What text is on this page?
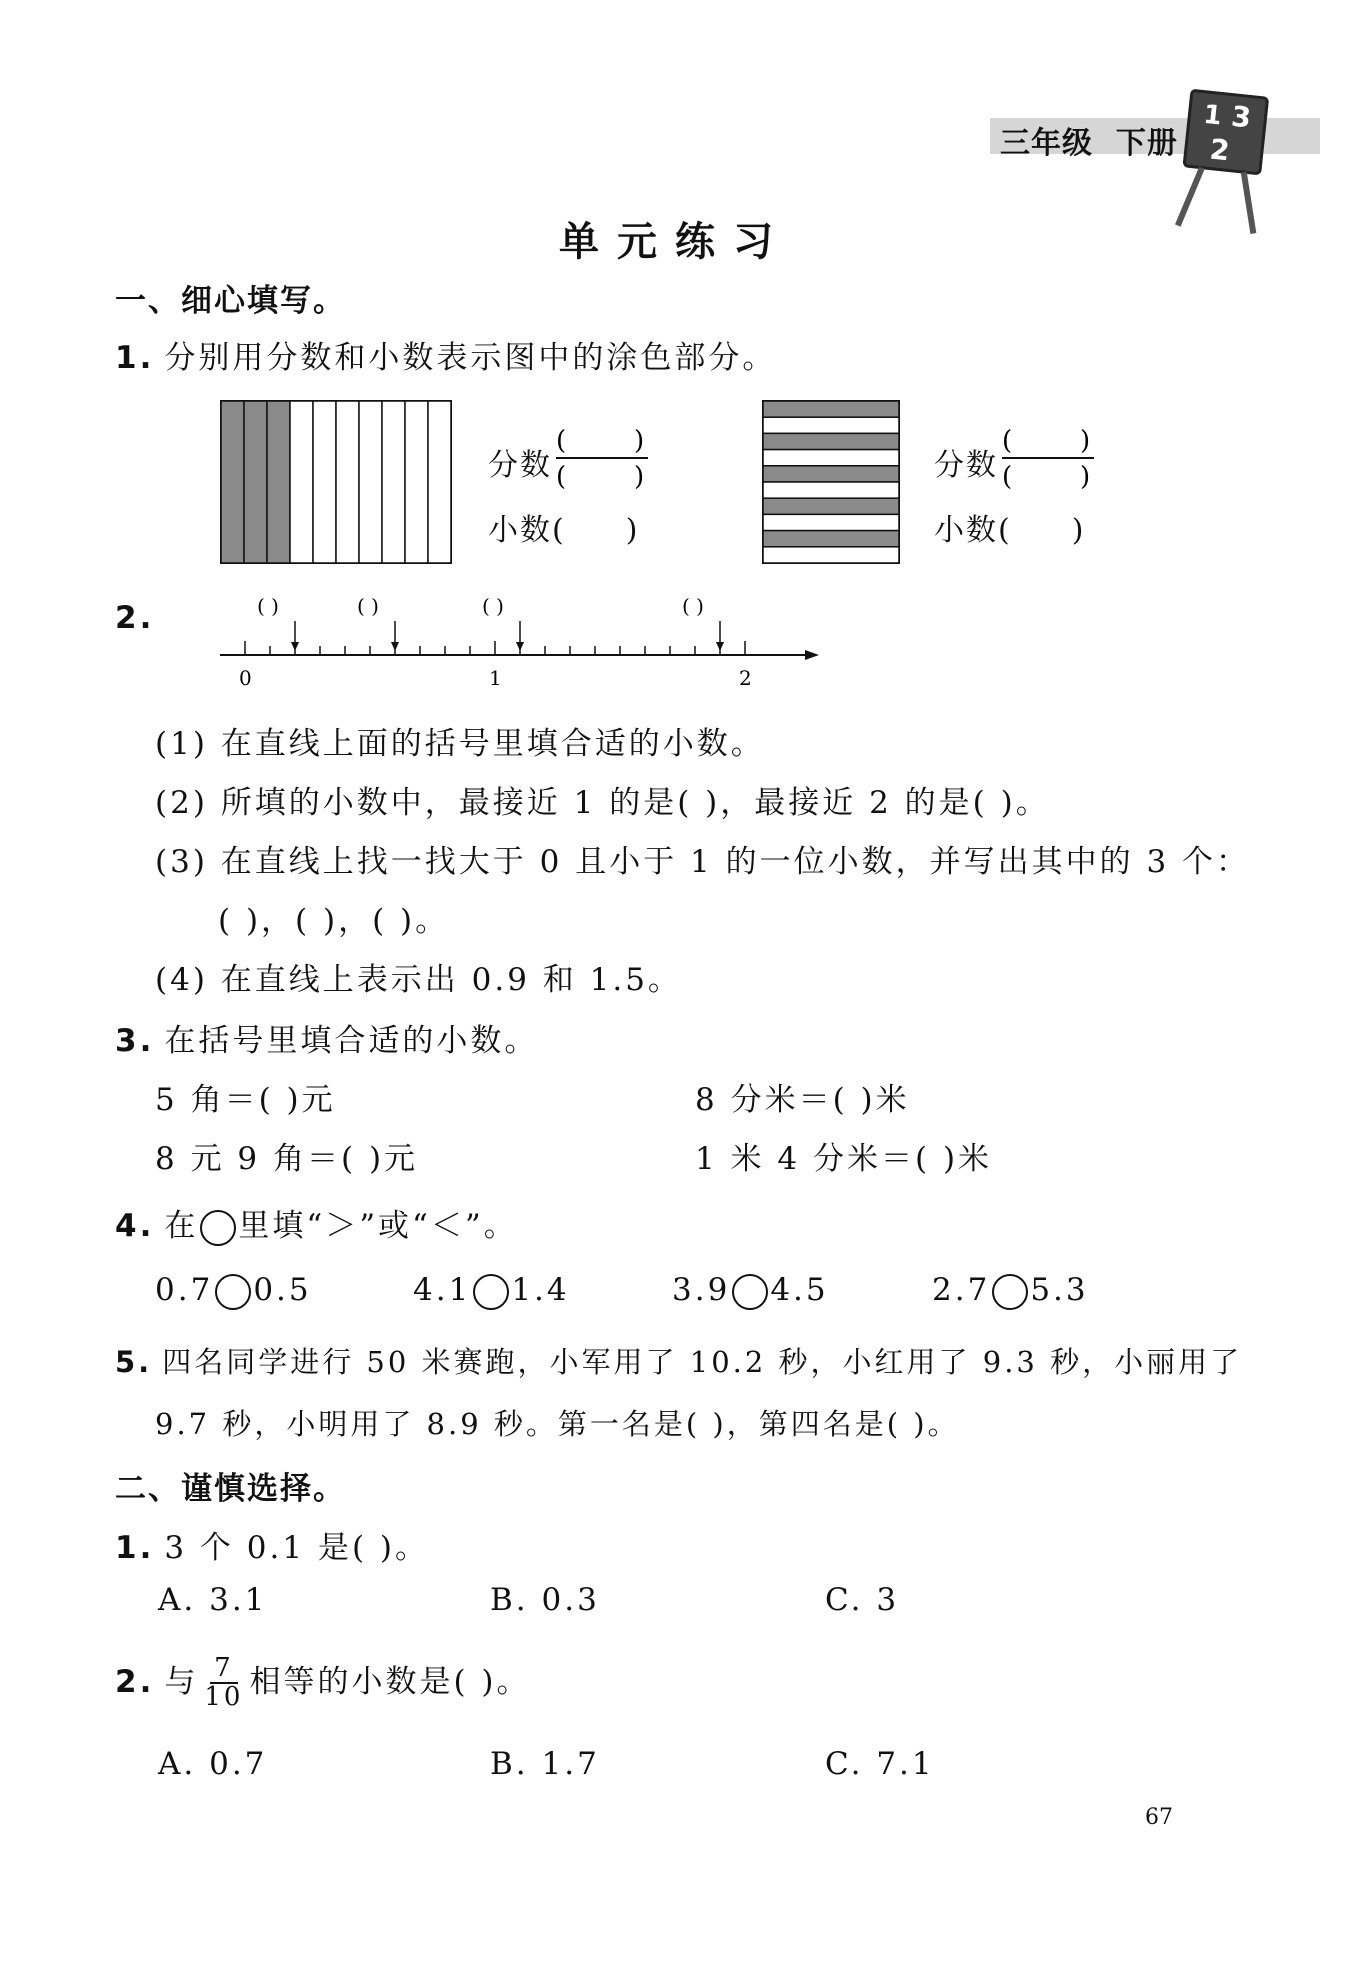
三年级 下册
1 3
2
单元练习
一、细心填写。
1. 分别用分数和小数表示图中的涂色部分。
分数
(	)
(	)
小数( )
分数
(	)
(	)
小数( )
2.
0	1	2
( )	( )	( )	( )
(1) 在直线上面的括号里填合适的小数。
(2) 所填的小数中，最接近 1 的是( )，最接近 2 的是( )。
(3) 在直线上找一找大于 0 且小于 1 的一位小数，并写出其中的 3 个：
( )，( )，( )。
(4) 在直线上表示出 0.9 和 1.5。
3. 在括号里填合适的小数。
5 角＝( )元	8 分米＝( )米
8 元 9 角＝( )元	1 米 4 分米＝( )米
4. 在 里填“＞”或“＜”。
0.7 0.5	4.1 1.4	3.9 4.5	2.7 5.3
5. 四名同学进行 50 米赛跑，小军用了 10.2 秒，小红用了 9.3 秒，小丽用了
9.7 秒，小明用了 8.9 秒。第一名是( )，第四名是( )。
二、谨慎选择。
1. 3 个 0.1 是( )。
A. 3.1	B. 0.3	C. 3
2. 与 $\frac{7}{10}$ 相等的小数是( )。
A. 0.7	B. 1.7	C. 7.1
67
